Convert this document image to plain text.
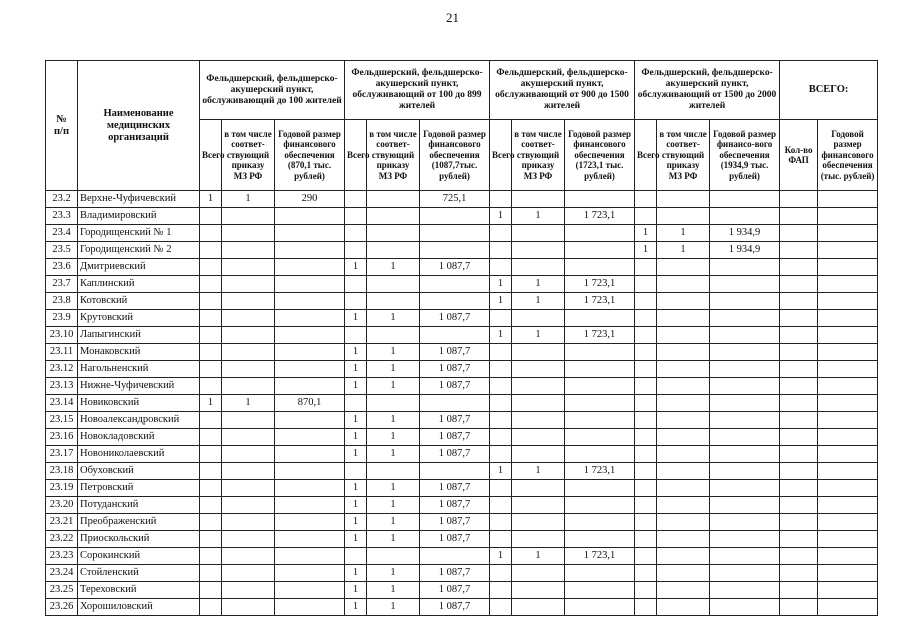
21
№
п/п	Наименование медицинских организаций	Фельдшерский, фельдшерско-акушерский пункт, обслуживающий до 100 жителей			Фельдшерский, фельдшерско-акушерский пункт, обслуживающий от 100 до 899 жителей			Фельдшерский, фельдшерско-акушерский пункт, обслуживающий от 900 до 1500 жителей			Фельдшерский, фельдшерско-акушерский пункт, обслуживающий от 1500 до 2000 жителей			ВСЕГО:		
		Всего	в том числе соответ-ствующий приказу МЗ РФ	Годовой размер финансового обеспечения (870,1 тыс. рублей)	Всего	в том числе соответ-ствующий приказу МЗ РФ	Годовой размер финансового обеспечения (1087,7тыс. рублей)	Всего	в том числе соответ-ствующий приказу МЗ РФ	Годовой размер финансового обеспечения (1723,1 тыс. рублей)	Всего	в том числе соответ-ствующий приказу МЗ РФ	Годовой размер финансо-вого обеспечения (1934,9 тыс. рублей)	Кол-во ФАП	Годовой размер финансового обеспечения (тыс. рублей)	
23.2	Верхне-Чуфичевский	1	1	290			725,1									
23.3	Владимировский							1	1	1 723,1						
23.4	Городищенский № 1										1	1	1 934,9			
23.5	Городищенский № 2										1	1	1 934,9			
23.6	Дмитриевский				1	1	1 087,7									
23.7	Каплинский							1	1	1 723,1						
23.8	Котовский							1	1	1 723,1						
23.9	Крутовский				1	1	1 087,7									
23.10	Лапыгинский							1	1	1 723,1						
23.11	Монаковский				1	1	1 087,7									
23.12	Нагольненский				1	1	1 087,7									
23.13	Нижне-Чуфичевский				1	1	1 087,7									
23.14	Новиковский	1	1	870,1												
23.15	Новоалександровский				1	1	1 087,7									
23.16	Новокладовский				1	1	1 087,7									
23.17	Новониколаевский				1	1	1 087,7									
23.18	Обуховский							1	1	1 723,1						
23.19	Петровский				1	1	1 087,7									
23.20	Потуданский				1	1	1 087,7									
23.21	Преображенский				1	1	1 087,7									
23.22	Приоскольский				1	1	1 087,7									
23.23	Сорокинский							1	1	1 723,1						
23.24	Стойленский				1	1	1 087,7									
23.25	Тереховский				1	1	1 087,7									
23.26	Хорошиловский				1	1	1 087,7									
